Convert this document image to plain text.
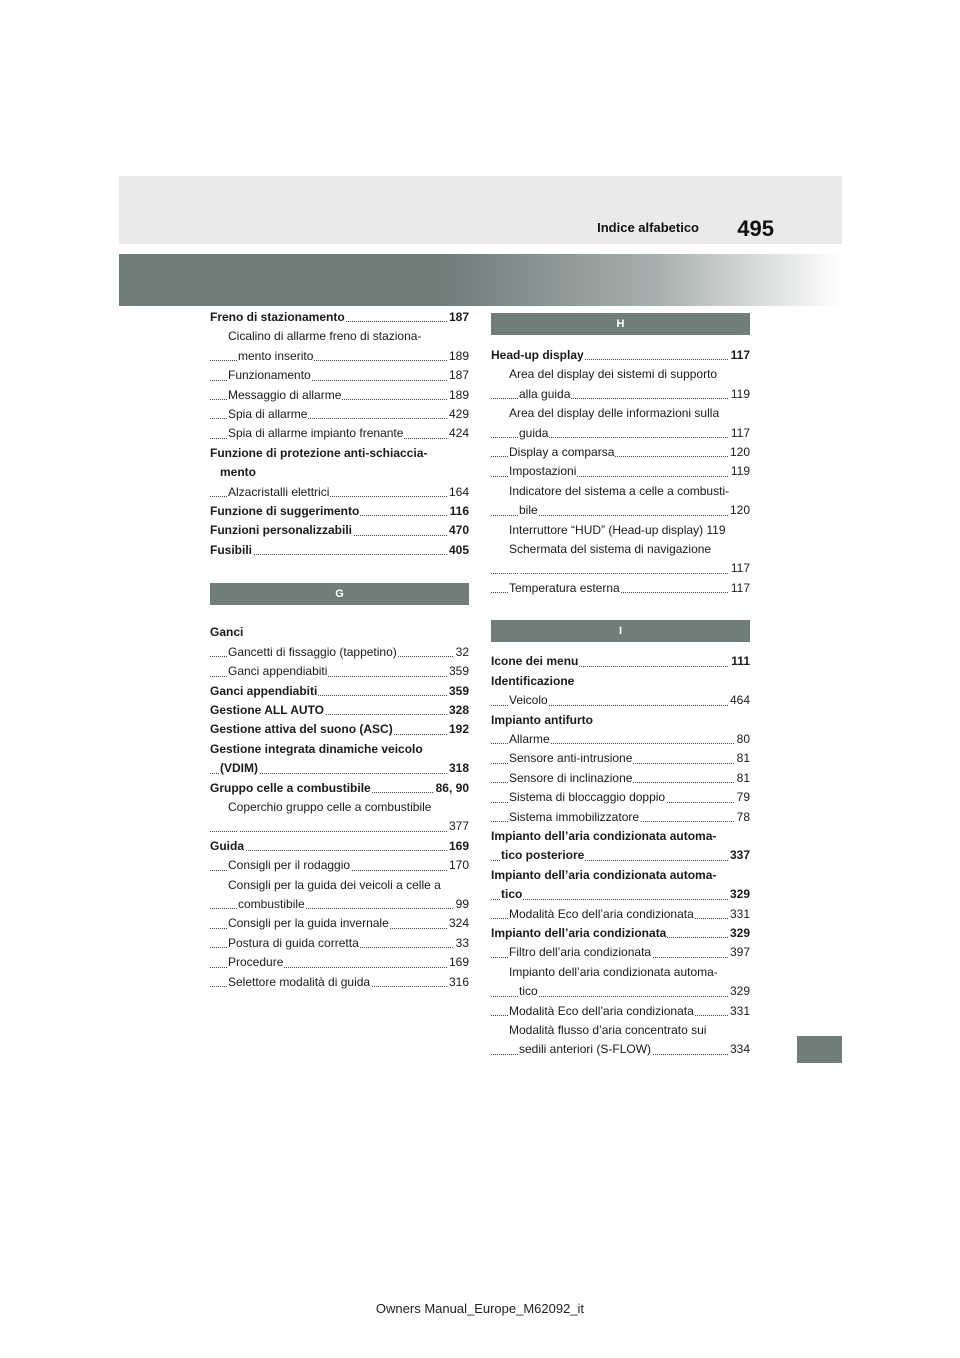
Indice alfabetico 495
Freno di stazionamento	187
Cicalino di allarme freno di staziona-
mento inserito	189
Funzionamento	187
Messaggio di allarme	189
Spia di allarme	429
Spia di allarme impianto frenante	424
Funzione di protezione anti-schiaccia-
mento
Alzacristalli elettrici	164
Funzione di suggerimento	116
Funzioni personalizzabili	470
Fusibili	405
G
Ganci
Gancetti di fissaggio (tappetino)	32
Ganci appendiabiti	359
Ganci appendiabiti	359
Gestione ALL AUTO	328
Gestione attiva del suono (ASC)	192
Gestione integrata dinamiche veicolo
(VDIM)	318
Gruppo celle a combustibile	86, 90
Coperchio gruppo celle a combustibile
377
Guida	169
Consigli per il rodaggio	170
Consigli per la guida dei veicoli a celle a
combustibile	99
Consigli per la guida invernale	324
Postura di guida corretta	33
Procedure	169
Selettore modalità di guida	316
H
Head-up display	117
Area del display dei sistemi di supporto
alla guida	119
Area del display delle informazioni sulla
guida	117
Display a comparsa	120
Impostazioni	119
Indicatore del sistema a celle a combusti-
bile	120
Interruttore “HUD” (Head-up display) 119
Schermata del sistema di navigazione
117
Temperatura esterna	117
I
Icone dei menu	111
Identificazione
Veicolo	464
Impianto antifurto
Allarme	80
Sensore anti-intrusione	81
Sensore di inclinazione	81
Sistema di bloccaggio doppio	79
Sistema immobilizzatore	78
Impianto dell’aria condizionata automa-
tico posteriore	337
Impianto dell’aria condizionata automa-
tico	329
Modalità Eco dell’aria condizionata	331
Impianto dell’aria condizionata	329
Filtro dell’aria condizionata	397
Impianto dell’aria condizionata automa-
tico	329
Modalità Eco dell’aria condizionata	331
Modalità flusso d’aria concentrato sui
sedili anteriori (S-FLOW)	334
Owners Manual_Europe_M62092_it
